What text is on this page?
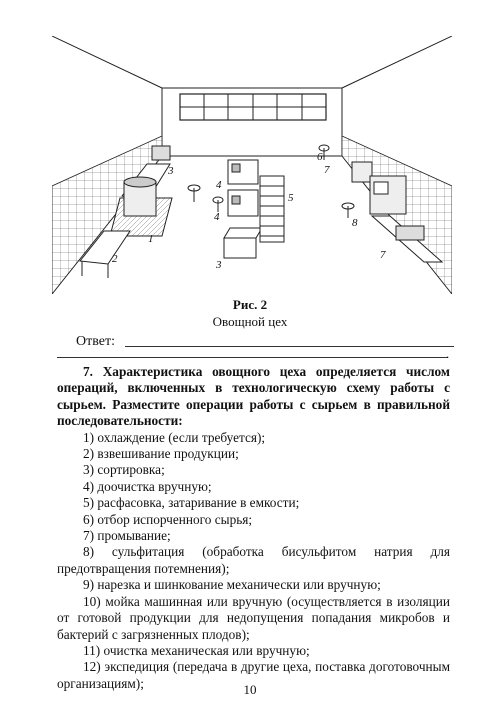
1
2
3
3
4
4
5
6
7
7
8
Рис. 2
Овощной цех
Ответ:
.

7. Характеристика овощного цеха определяется числом операций, включенных в технологическую схему работы с сырьем. Разместите операции работы с сырьем в правильной последовательности:

1) охлаждение (если требуется);
2) взвешивание продукции;
3) сортировка;
4) доочистка вручную;
5) расфасовка, затаривание в емкости;
6) отбор испорченного сырья;
7) промывание;
8) сульфитация (обработка бисульфитом натрия для предотвращения потемнения);
9) нарезка и шинкование механически или вручную;
10) мойка машинная или вручную (осуществляется в изоляции от готовой продукции для недопущения попадания микробов и бактерий с загрязненных плодов);
11) очистка механическая или вручную;
12) экспедиция (передача в другие цеха, поставка доготовочным организациям);	10
